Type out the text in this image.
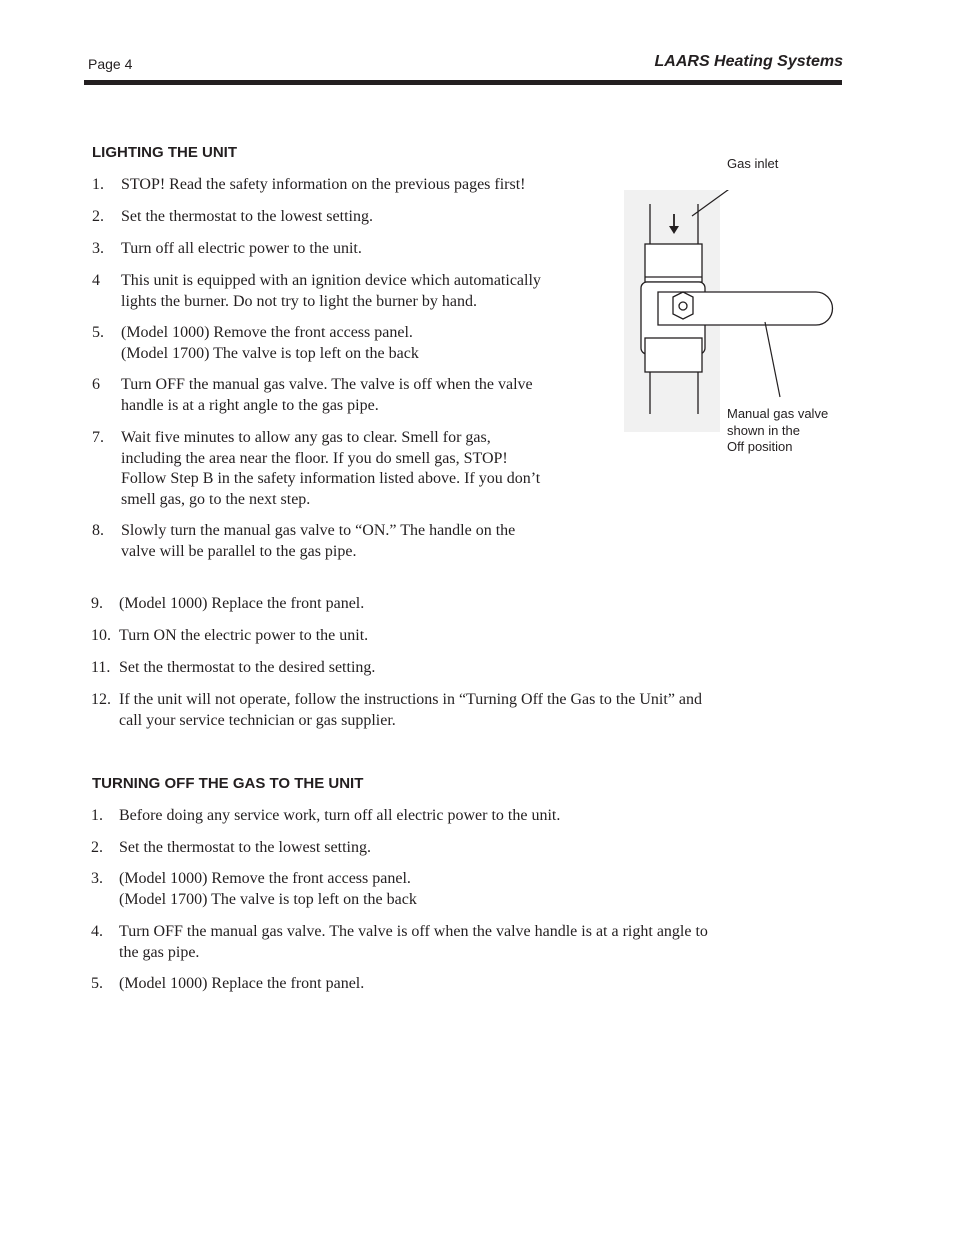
Page 4	LAARS Heating Systems
LIGHTING THE UNIT
1. STOP! Read the safety information on the previous pages first!
2. Set the thermostat to the lowest setting.
3. Turn off all electric power to the unit.
4 This unit is equipped with an ignition device which automatically
lights the burner. Do not try to light the burner by hand.
5. (Model 1000) Remove the front access panel.
(Model 1700) The valve is top left on the back
6 Turn OFF the manual gas valve. The valve is off when the valve
handle is at a right angle to the gas pipe.
7. Wait five minutes to allow any gas to clear. Smell for gas,
including the area near the floor. If you do smell gas, STOP!
Follow Step B in the safety information listed above. If you don’t
smell gas, go to the next step.
8. Slowly turn the manual gas valve to “ON.” The handle on the
valve will be parallel to the gas pipe.
9. (Model 1000) Replace the front panel.
10. Turn ON the electric power to the unit.
11. Set the thermostat to the desired setting.
12. If the unit will not operate, follow the instructions in “Turning Off the Gas to the Unit” and
call your service technician or gas supplier.
TURNING OFF THE GAS TO THE UNIT
1. Before doing any service work, turn off all electric power to the unit.
2. Set the thermostat to the lowest setting.
3. (Model 1000) Remove the front access panel.
(Model 1700) The valve is top left on the back
4. Turn OFF the manual gas valve. The valve is off when the valve handle is at a right angle to
the gas pipe.
5. (Model 1000) Replace the front panel.
Gas inlet
Manual gas valve
shown in the
Off position
